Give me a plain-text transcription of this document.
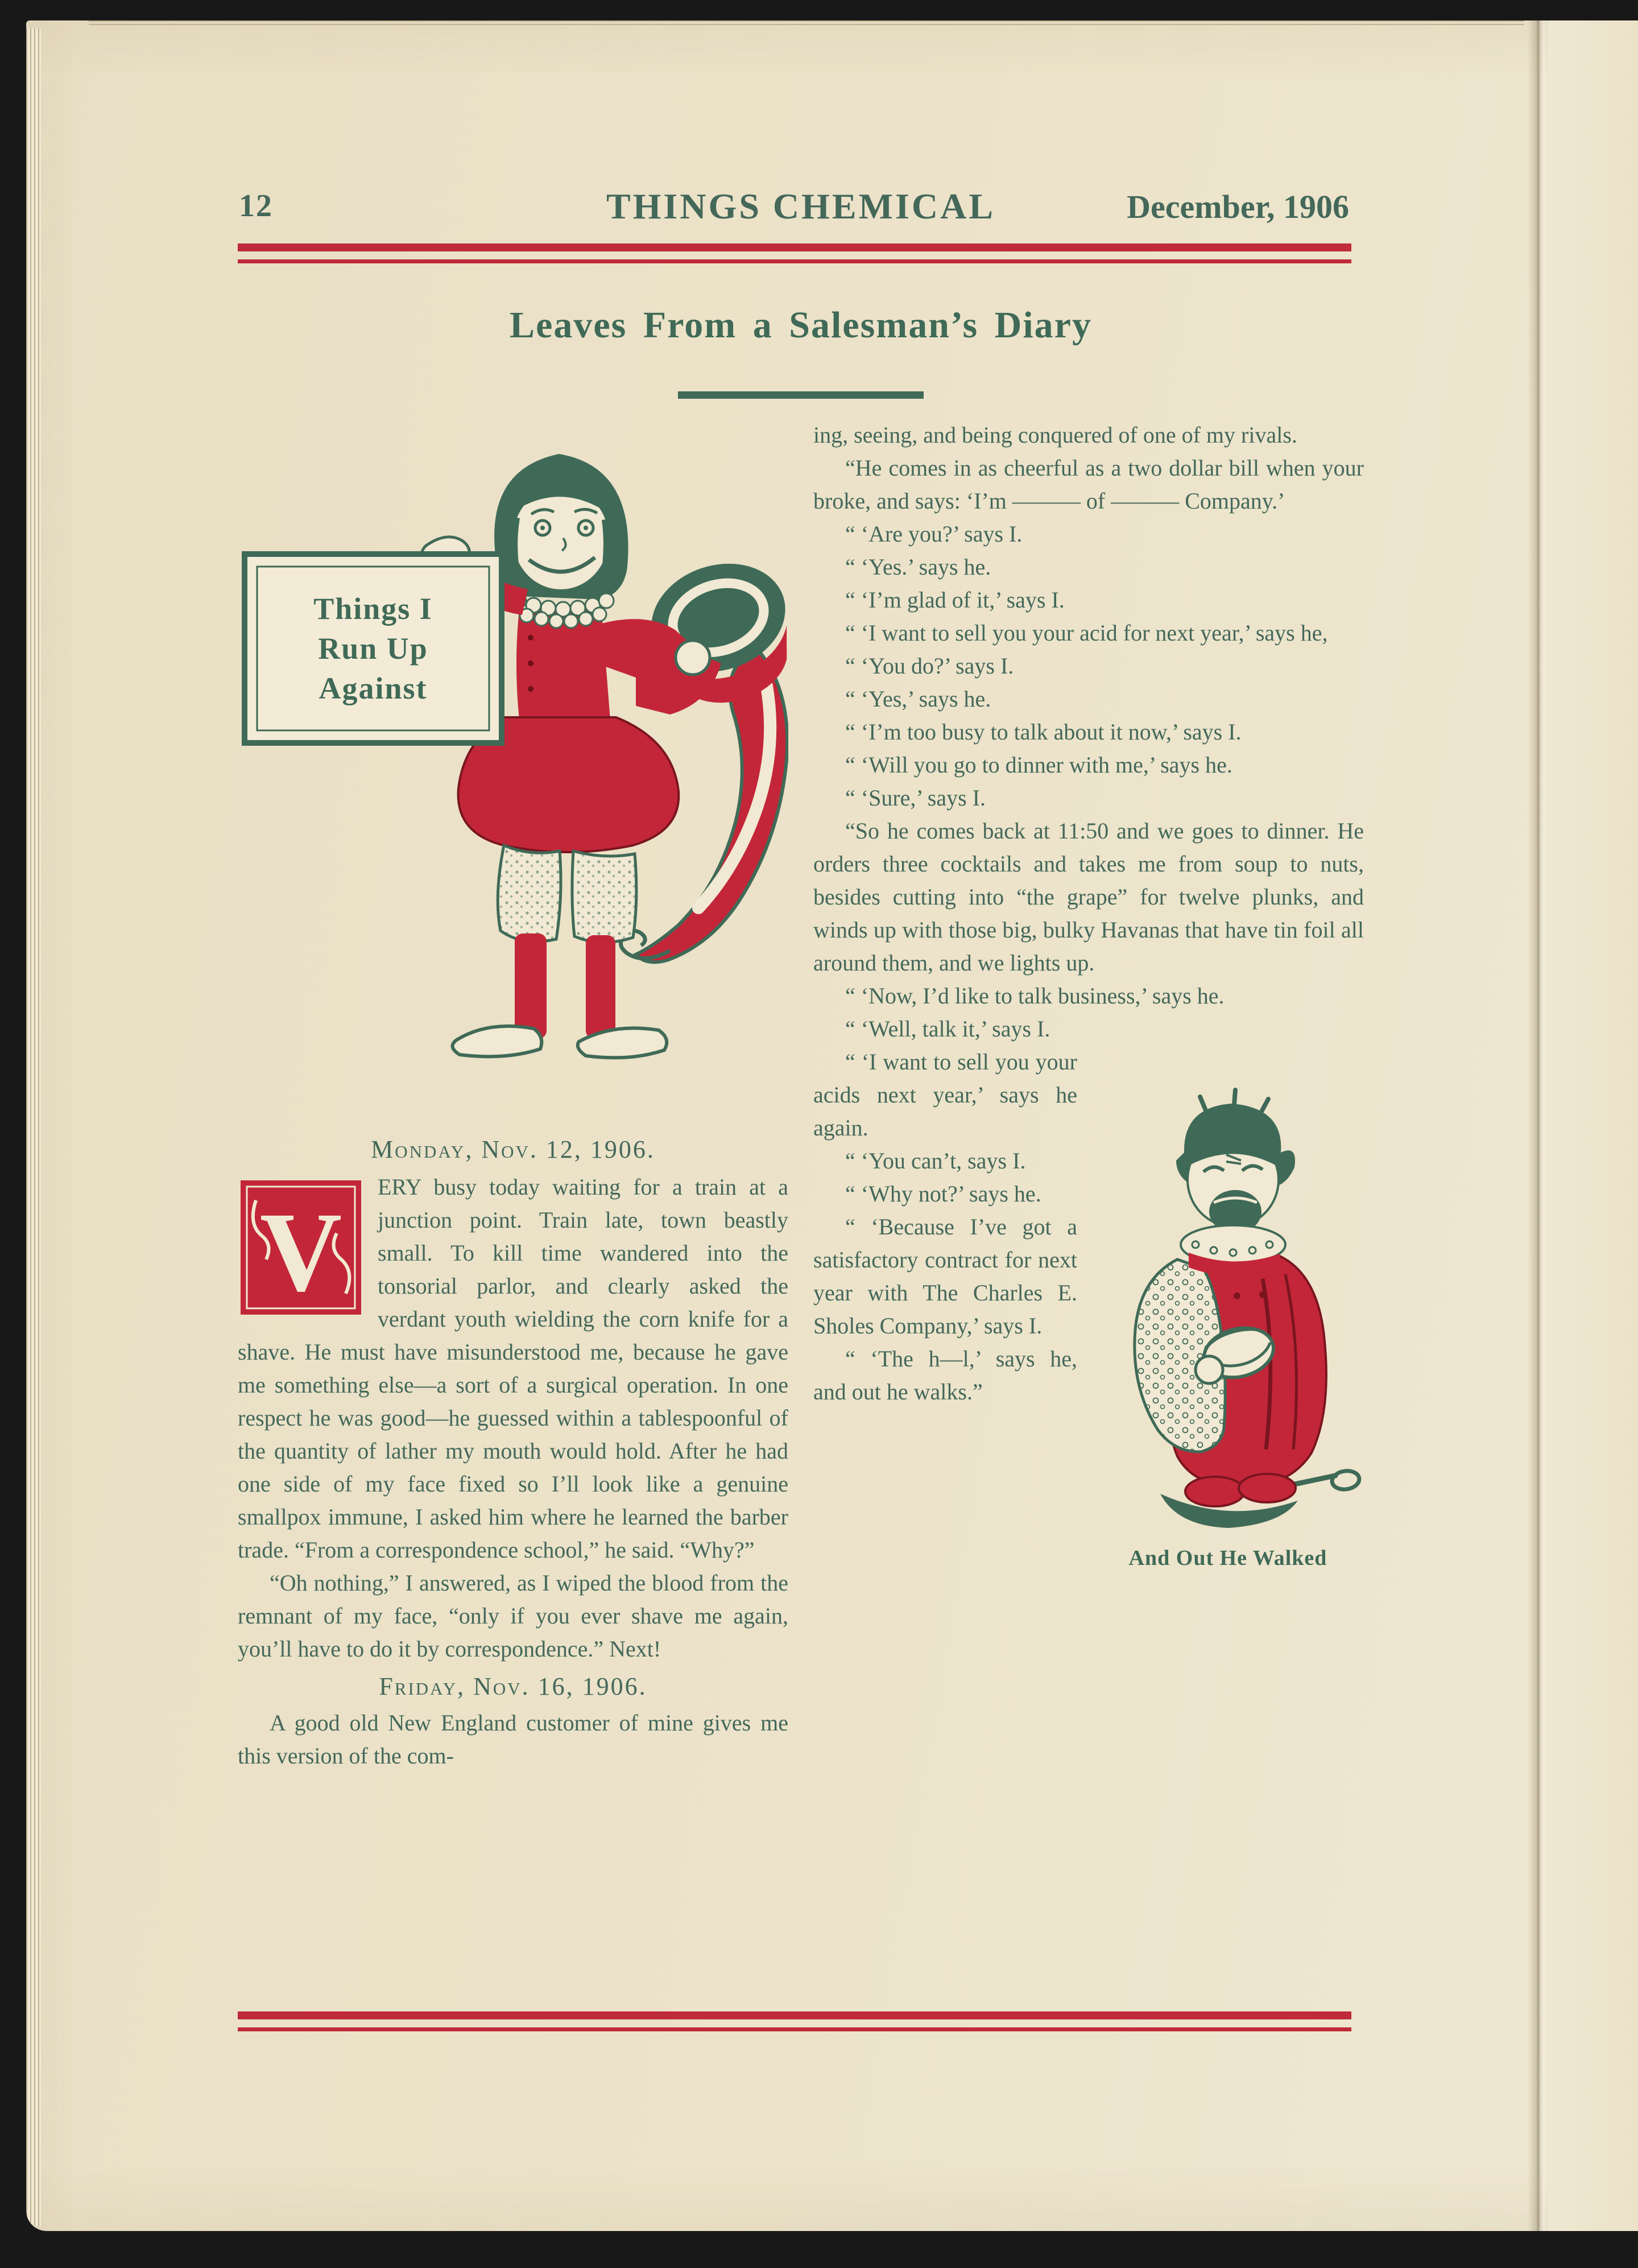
12	THINGS CHEMICAL	December, 1906
Leaves From a Salesman’s Diary
Things I
Run Up
Against
Monday, Nov. 12, 1906.

V
ERY busy today waiting for a train at a junction point. Train late, town beastly small. To kill time wandered into the tonsorial parlor, and clearly asked the verdant youth wielding the corn knife for a shave. He must have misunderstood me, because he gave me something else—a sort of a surgical operation. In one respect he was good—he guessed within a tablespoonful of the quantity of lather my mouth would hold. After he had one side of my face fixed so I’ll look like a genuine smallpox immune, I asked him where he learned the barber trade. “From a correspondence school,” he said. “Why?”

“Oh nothing,” I answered, as I wiped the blood from the remnant of my face, “only if you ever shave me again, you’ll have to do it by correspondence.” Next!

Friday, Nov. 16, 1906.

A good old New England customer of mine gives me this version of the com-

ing, seeing, and being conquered of one of my rivals.

“He comes in as cheerful as a two dollar bill when your broke, and says: ‘I’m ——— of ——— Company.’

“ ‘Are you?’ says I.

“ ‘Yes.’ says he.

“ ‘I’m glad of it,’ says I.

“ ‘I want to sell you your acid for next year,’ says he,

“ ‘You do?’ says I.

“ ‘Yes,’ says he.

“ ‘I’m too busy to talk about it now,’ says I.

“ ‘Will you go to dinner with me,’ says he.

“ ‘Sure,’ says I.

“So he comes back at 11:50 and we goes to dinner. He orders three cocktails and takes me from soup to nuts, besides cutting into “the grape” for twelve plunks, and winds up with those big, bulky Havanas that have tin foil all around them, and we lights up.

“ ‘Now, I’d like to talk business,’ says he.

“ ‘Well, talk it,’ says I.

And Out He Walked

“ ‘I want to sell you your acids next year,’ says he again.

“ ‘You can’t, says I.

“ ‘Why not?’ says he.

“ ‘Because I’ve got a satisfactory contract for next year with The Charles E. Sholes Company,’ says I.

“ ‘The h—l,’ says he, and out he walks.”
